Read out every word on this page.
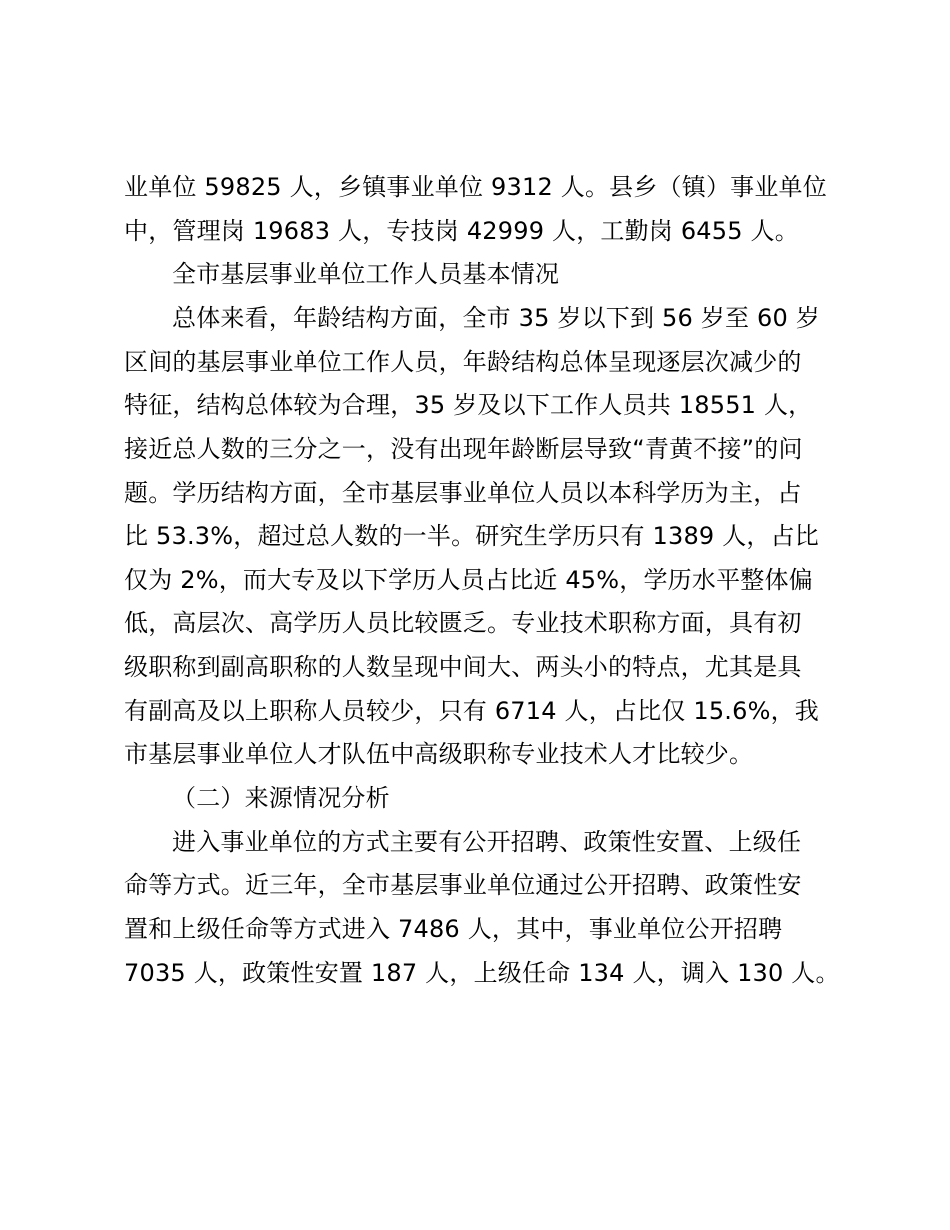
业单位 59825 人，乡镇事业单位 9312 人。县乡（镇）事业单位

中，管理岗 19683 人，专技岗 42999 人，工勤岗 6455 人。

全市基层事业单位工作人员基本情况

总体来看，年龄结构方面，全市 35 岁以下到 56 岁至 60 岁

区间的基层事业单位工作人员，年龄结构总体呈现逐层次减少的

特征，结构总体较为合理，35 岁及以下工作人员共 18551 人，

接近总人数的三分之一，没有出现年龄断层导致“青黄不接”的问

题。学历结构方面，全市基层事业单位人员以本科学历为主，占

比 53.3%，超过总人数的一半。研究生学历只有 1389 人，占比

仅为 2%，而大专及以下学历人员占比近 45%，学历水平整体偏

低，高层次、高学历人员比较匮乏。专业技术职称方面，具有初

级职称到副高职称的人数呈现中间大、两头小的特点，尤其是具

有副高及以上职称人员较少，只有 6714 人，占比仅 15.6%，我

市基层事业单位人才队伍中高级职称专业技术人才比较少。

（二）来源情况分析

进入事业单位的方式主要有公开招聘、政策性安置、上级任

命等方式。近三年，全市基层事业单位通过公开招聘、政策性安

置和上级任命等方式进入 7486 人，其中，事业单位公开招聘

7035 人，政策性安置 187 人，上级任命 134 人，调入 130 人。
